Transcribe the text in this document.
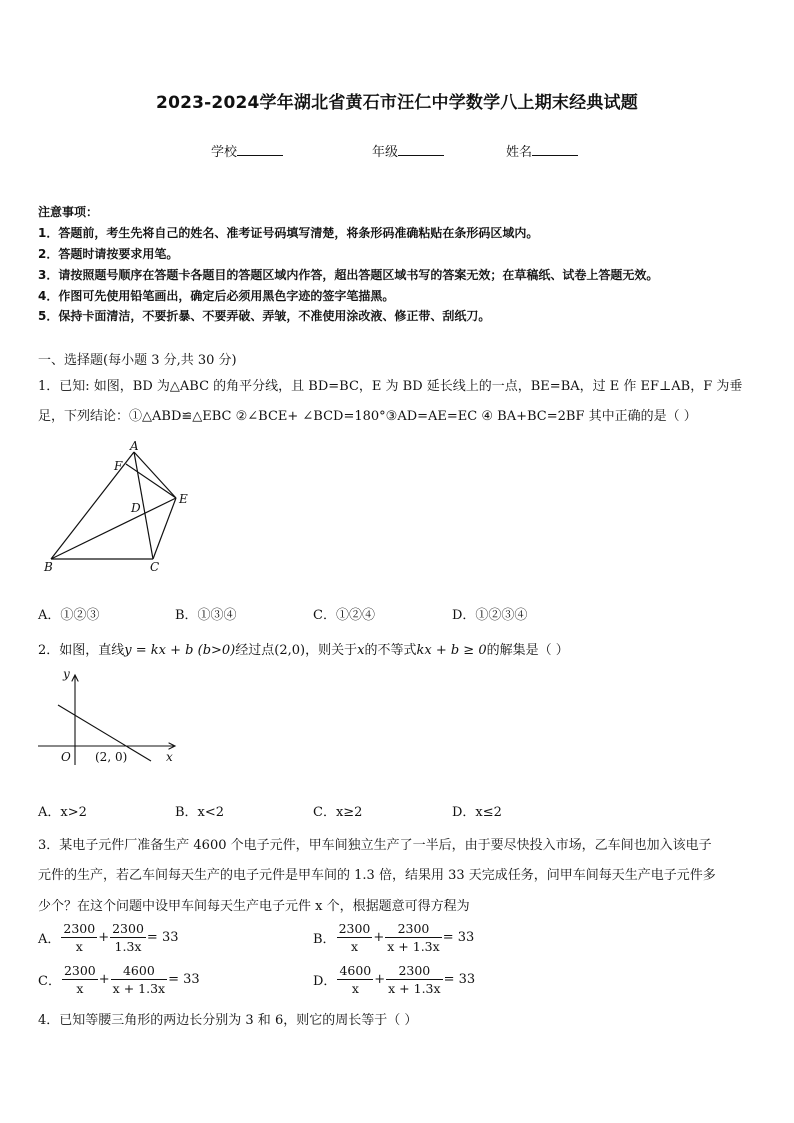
2023-2024学年湖北省黄石市汪仁中学数学八上期末经典试题
学校	年级	姓名
注意事项：
1．答题前，考生先将自己的姓名、准考证号码填写清楚，将条形码准确粘贴在条形码区域内。
2．答题时请按要求用笔。
3．请按照题号顺序在答题卡各题目的答题区域内作答，超出答题区域书写的答案无效；在草稿纸、试卷上答题无效。
4．作图可先使用铅笔画出，确定后必须用黑色字迹的签字笔描黑。
5．保持卡面清洁，不要折暴、不要弄破、弄皱，不准使用涂改液、修正带、刮纸刀。
一、选择题(每小题 3 分,共 30 分)
1．已知: 如图，BD 为△ABC 的角平分线，且 BD=BC，E 为 BD 延长线上的一点，BE=BA，过 E 作 EF⊥AB，F 为垂
足，下列结论：①△ABD≌△EBC ②∠BCE+ ∠BCD=180°③AD=AE=EC ④ BA+BC=2BF 其中正确的是（ ）
A
F
E
D
B	C
A．①②③	B．①③④	C．①②④	D．①②③④
2．如图，直线y = kx + b (b>0)经过点(2,0)，则关于x的不等式kx + b ≥ 0的解集是（ ）
y
x
O (2, 0)
A．x>2	B．x<2	C．x≥2	D．x≤2
3．某电子元件厂准备生产 4600 个电子元件，甲车间独立生产了一半后，由于要尽快投入市场，乙车间也加入该电子
元件的生产，若乙车间每天生产的电子元件是甲车间的 1.3 倍，结果用 33 天完成任务，问甲车间每天生产电子元件多
少个？在这个问题中设甲车间每天生产电子元件 x 个，根据题意可得方程为
A． $\frac{2300}{x} + \frac{2300}{1.3x} = 33$	B． $\frac{2300}{x} + \frac{2300}{x + 1.3x} = 33$
C． $\frac{2300}{x} + \frac{4600}{x + 1.3x} = 33$	D． $\frac{4600}{x} + \frac{2300}{x + 1.3x} = 33$
4．已知等腰三角形的两边长分别为 3 和 6，则它的周长等于（ ）
